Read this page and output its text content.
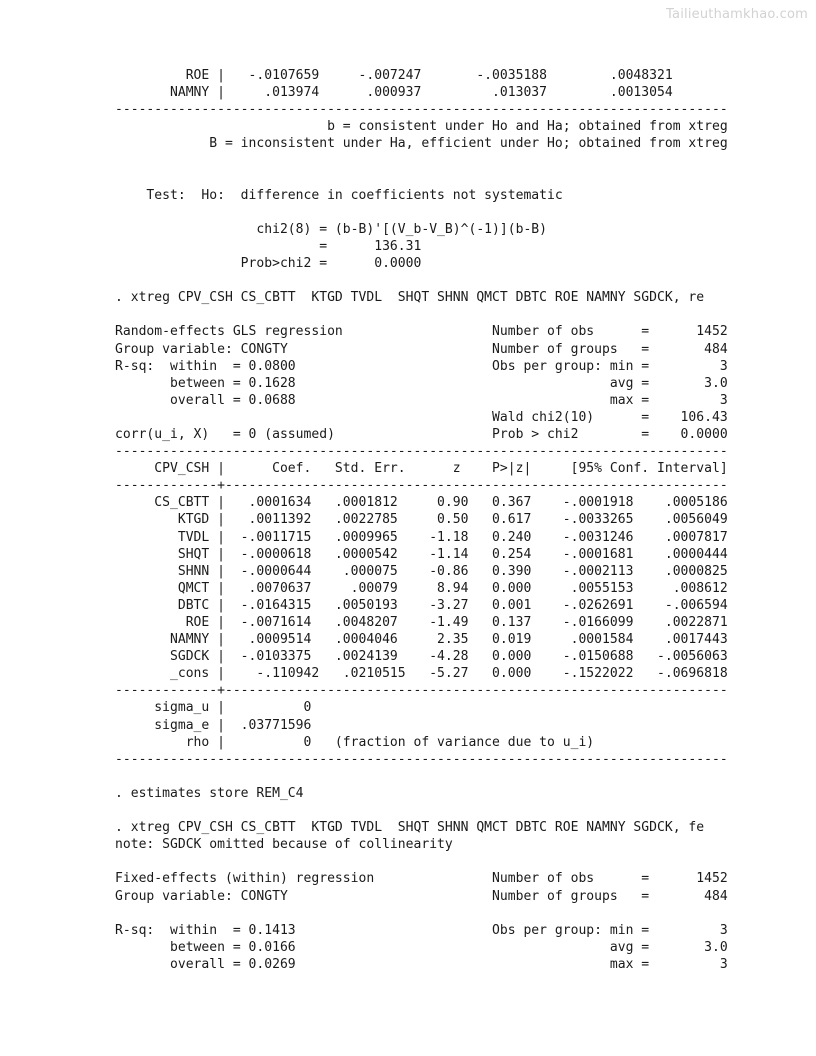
Tailieuthamkhao.com
ROE |   -.0107659     -.007247       -.0035188        .0048321
NAMNY |     .013974      .000937         .013037        .0013054
------------------------------------------------------------------------------
b = consistent under Ho and Ha; obtained from xtreg
B = inconsistent under Ha, efficient under Ho; obtained from xtreg
Test:  Ho:  difference in coefficients not systematic
chi2(8) = (b-B)'[(V_b-V_B)^(-1)](b-B)
=      136.31
Prob>chi2 =      0.0000
. xtreg CPV_CSH CS_CBTT  KTGD TVDL  SHQT SHNN QMCT DBTC ROE NAMNY SGDCK, re
Random-effects GLS regression                   Number of obs      =      1452
Group variable: CONGTY                          Number of groups   =       484
R-sq:  within  = 0.0800                         Obs per group: min =         3
between = 0.1628                                        avg =       3.0
overall = 0.0688                                        max =         3
Wald chi2(10)      =    106.43
corr(u_i, X)   = 0 (assumed)                    Prob > chi2        =    0.0000
------------------------------------------------------------------------------
CPV_CSH |      Coef.   Std. Err.      z    P>|z|     [95% Conf. Interval]
-------------+----------------------------------------------------------------
CS_CBTT |   .0001634   .0001812     0.90   0.367    -.0001918    .0005186
KTGD |   .0011392   .0022785     0.50   0.617    -.0033265    .0056049
TVDL |  -.0011715   .0009965    -1.18   0.240    -.0031246    .0007817
SHQT |  -.0000618   .0000542    -1.14   0.254    -.0001681    .0000444
SHNN |  -.0000644    .000075    -0.86   0.390    -.0002113    .0000825
QMCT |   .0070637     .00079     8.94   0.000     .0055153     .008612
DBTC |  -.0164315   .0050193    -3.27   0.001    -.0262691    -.006594
ROE |  -.0071614   .0048207    -1.49   0.137    -.0166099    .0022871
NAMNY |   .0009514   .0004046     2.35   0.019     .0001584    .0017443
SGDCK |  -.0103375   .0024139    -4.28   0.000    -.0150688   -.0056063
_cons |    -.110942   .0210515   -5.27   0.000    -.1522022   -.0696818
-------------+----------------------------------------------------------------
sigma_u |          0
sigma_e |  .03771596
rho |          0   (fraction of variance due to u_i)
------------------------------------------------------------------------------
. estimates store REM_C4
. xtreg CPV_CSH CS_CBTT  KTGD TVDL  SHQT SHNN QMCT DBTC ROE NAMNY SGDCK, fe
note: SGDCK omitted because of collinearity
Fixed-effects (within) regression               Number of obs      =      1452
Group variable: CONGTY                          Number of groups   =       484
R-sq:  within  = 0.1413                         Obs per group: min =         3
between = 0.0166                                        avg =       3.0
overall = 0.0269                                        max =         3
